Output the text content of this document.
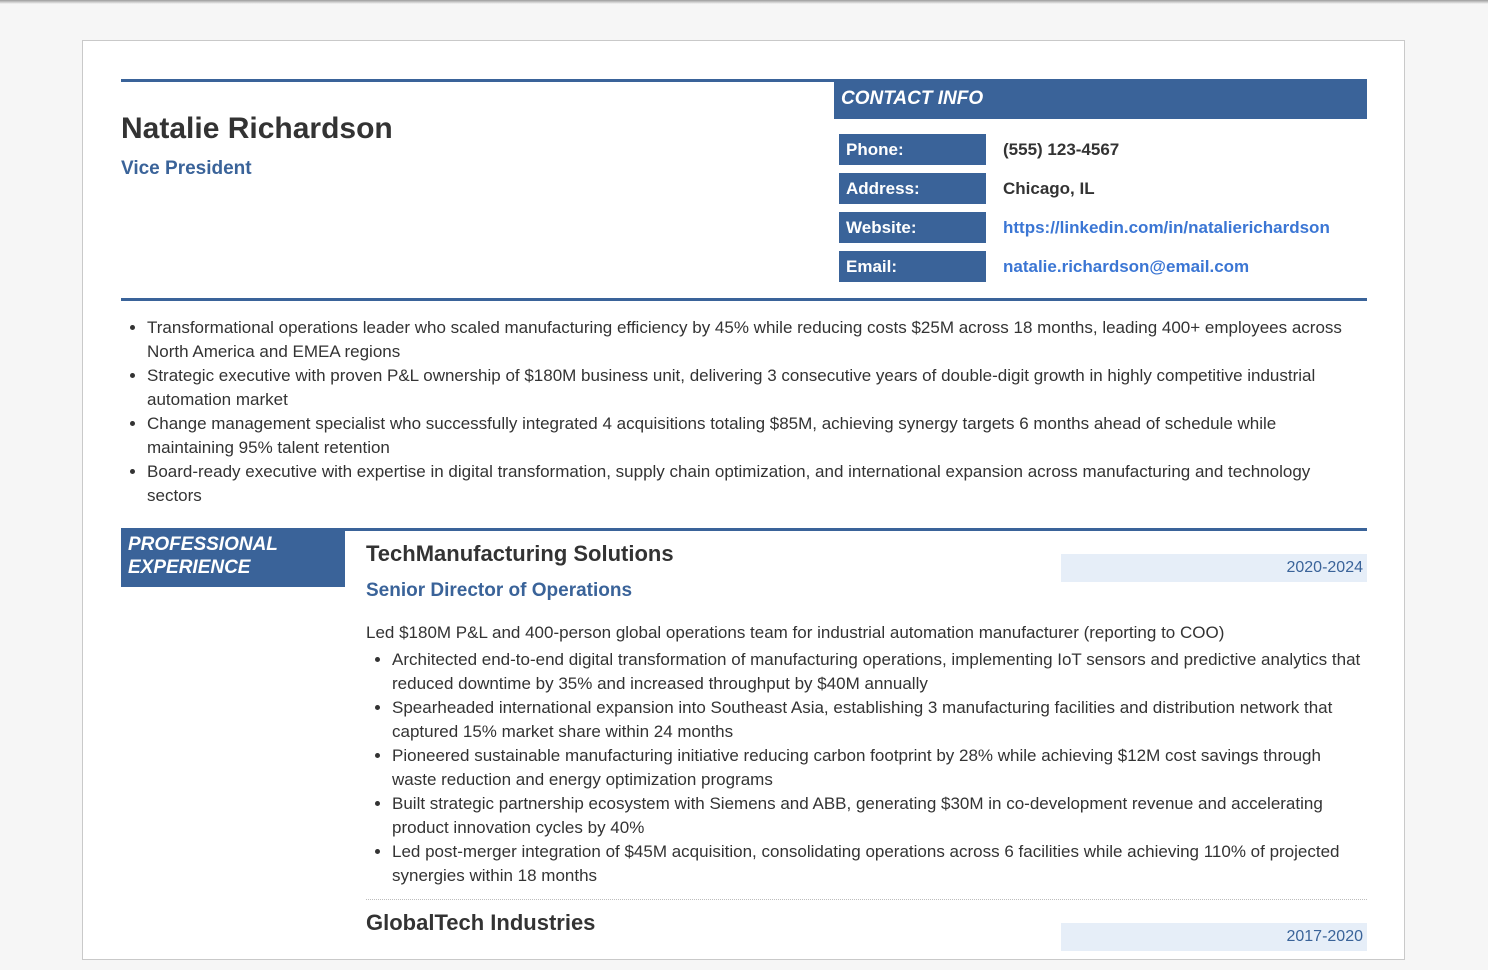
Natalie Richardson
Vice President
CONTACT INFO
Phone:	(555) 123-4567
Address:	Chicago, IL
Website:	https://linkedin.com/in/natalierichardson
Email:	natalie.richardson@email.com
• Transformational operations leader who scaled manufacturing efficiency by 45% while reducing costs $25M across 18 months, leading 400+ employees across North America and EMEA regions
• Strategic executive with proven P&L ownership of $180M business unit, delivering 3 consecutive years of double-digit growth in highly competitive industrial automation market
• Change management specialist who successfully integrated 4 acquisitions totaling $85M, achieving synergy targets 6 months ahead of schedule while maintaining 95% talent retention
• Board-ready executive with expertise in digital transformation, supply chain optimization, and international expansion across manufacturing and technology sectors
PROFESSIONAL EXPERIENCE
TechManufacturing Solutions
2020-2024
Senior Director of Operations
Led $180M P&L and 400-person global operations team for industrial automation manufacturer (reporting to COO)
• Architected end-to-end digital transformation of manufacturing operations, implementing IoT sensors and predictive analytics that reduced downtime by 35% and increased throughput by $40M annually
• Spearheaded international expansion into Southeast Asia, establishing 3 manufacturing facilities and distribution network that captured 15% market share within 24 months
• Pioneered sustainable manufacturing initiative reducing carbon footprint by 28% while achieving $12M cost savings through waste reduction and energy optimization programs
• Built strategic partnership ecosystem with Siemens and ABB, generating $30M in co-development revenue and accelerating product innovation cycles by 40%
• Led post-merger integration of $45M acquisition, consolidating operations across 6 facilities while achieving 110% of projected synergies within 18 months
GlobalTech Industries
2017-2020
